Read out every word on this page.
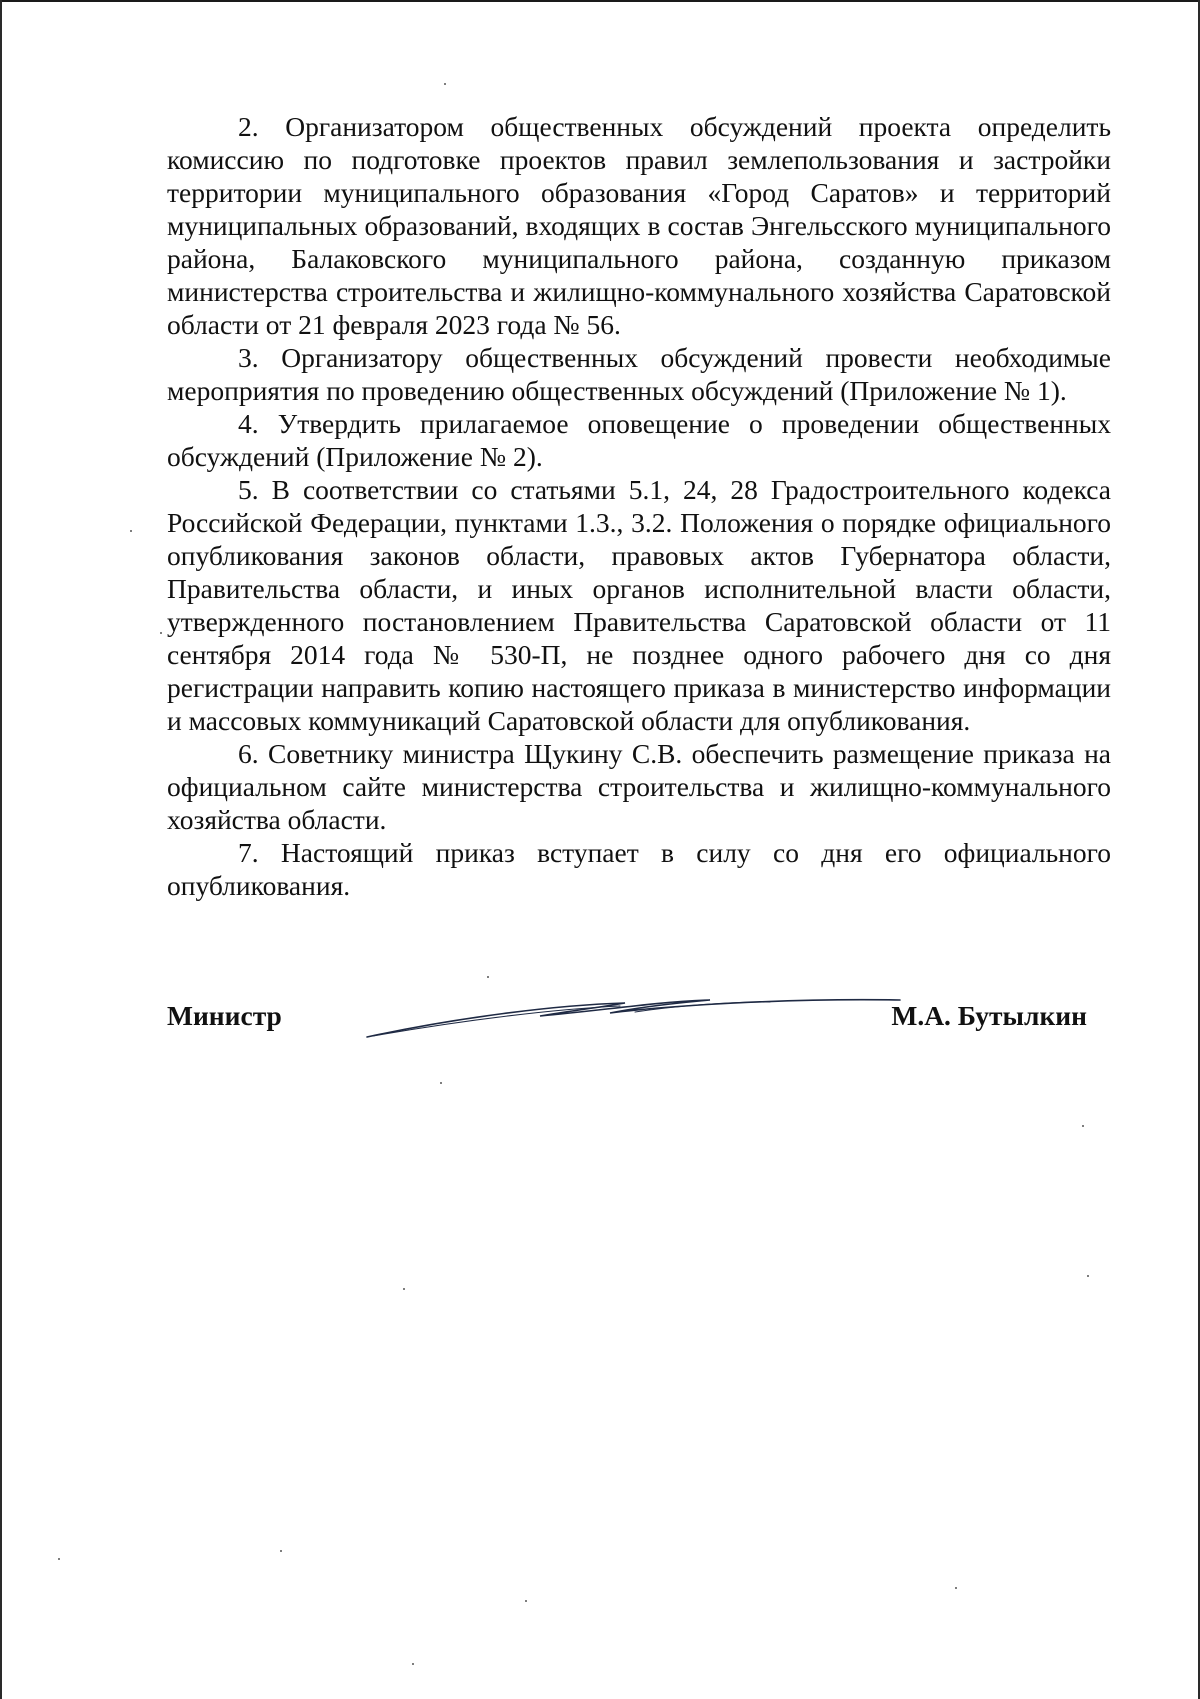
2. Организатором общественных обсуждений проекта определить комиссию по подготовке проектов правил землепользования и застройки территории муниципального образования «Город Саратов» и территорий муниципальных образований, входящих в состав Энгельсского муниципального района, Балаковского муниципального района, созданную приказом министерства строительства и жилищно-коммунального хозяйства Саратовской области от 21 февраля 2023 года № 56.

3. Организатору общественных обсуждений провести необходимые мероприятия по проведению общественных обсуждений (Приложение № 1).

4. Утвердить прилагаемое оповещение о проведении общественных обсуждений (Приложение № 2).

5. В соответствии со статьями 5.1, 24, 28 Градостроительного кодекса Российской Федерации, пунктами 1.3., 3.2. Положения о порядке официального опубликования законов области, правовых актов Губернатора области, Правительства области, и иных органов исполнительной власти области, утвержденного постановлением Правительства Саратовской области от 11 сентября 2014 года № 530-П, не позднее одного рабочего дня со дня регистрации направить копию настоящего приказа в министерство информации и массовых коммуникаций Саратовской области для опубликования.

6. Советнику министра Щукину С.В. обеспечить размещение приказа на официальном сайте министерства строительства и жилищно-коммунального хозяйства области.

7. Настоящий приказ вступает в силу со дня его официального опубликования.

Министр	М.А. Бутылкин
